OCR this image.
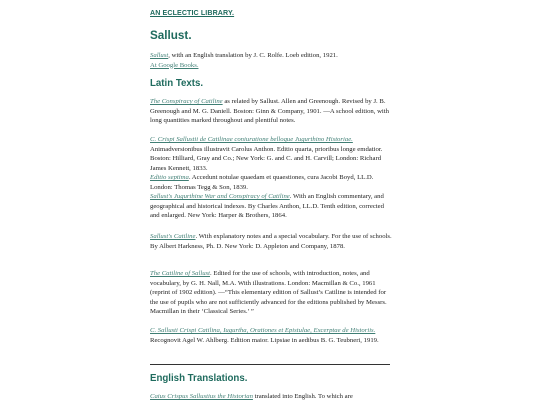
AN ECLECTIC LIBRARY.
Sallust.

Sallust, with an English translation by J. C. Rolfe. Loeb edition, 1921.
At Google Books.

Latin Texts.

The Conspiracy of Catiline as related by Sallust. Allen and Greenough. Revised by J. B. Greenough and M. G. Daniell. Boston: Ginn & Company, 1901. —A school edition, with long quantities marked throughout and plentiful notes.

C. Crispi Sallustii de Catilinae coniuratione belloque Jugurthino Historiae. Animadversionibus illustravit Carolus Anthon. Editio quarta, prioribus longe emdatior. Boston: Hilliard, Gray and Co.; New York: G. and C. and H. Carvill; London: Richard James Kennett, 1833.
Editio septima. Accedunt notulae quaedam et quaestiones, cura Jacobi Boyd, LL.D. London: Thomas Tegg & Son, 1839.
Sallust's Jugurthine War and Conspiracy of Catiline. With an English commentary, and geographical and historical indexes. By Charles Anthon, LL.D. Tenth edition, corrected and enlarged. New York: Harper & Brothers, 1864.

Sallust's Catiline. With explanatory notes and a special vocabulary. For the use of schools. By Albert Harkness, Ph. D. New York: D. Appleton and Company, 1878.

The Catiline of Sallust. Edited for the use of schools, with introduction, notes, and vocabulary, by G. H. Nall, M.A. With illustrations. London: Macmillan & Co., 1961 (reprint of 1902 edition). —“This elementary edition of Sallust’s Catiline is intended for the use of pupils who are not sufficiently advanced for the editions published by Messrs. Macmillan in their ‘Classical Series.’ ”

C. Sallusti Crispi Catilina, Iugurtha, Orationes et Epistulae, Excerptae de Historiis. Recognovit Agel W. Ahlberg. Edition maior. Lipsiae in aedibus B. G. Teubneri, 1919.

English Translations.

Caius Crispus Sallustius the Historian translated into English. To which are
